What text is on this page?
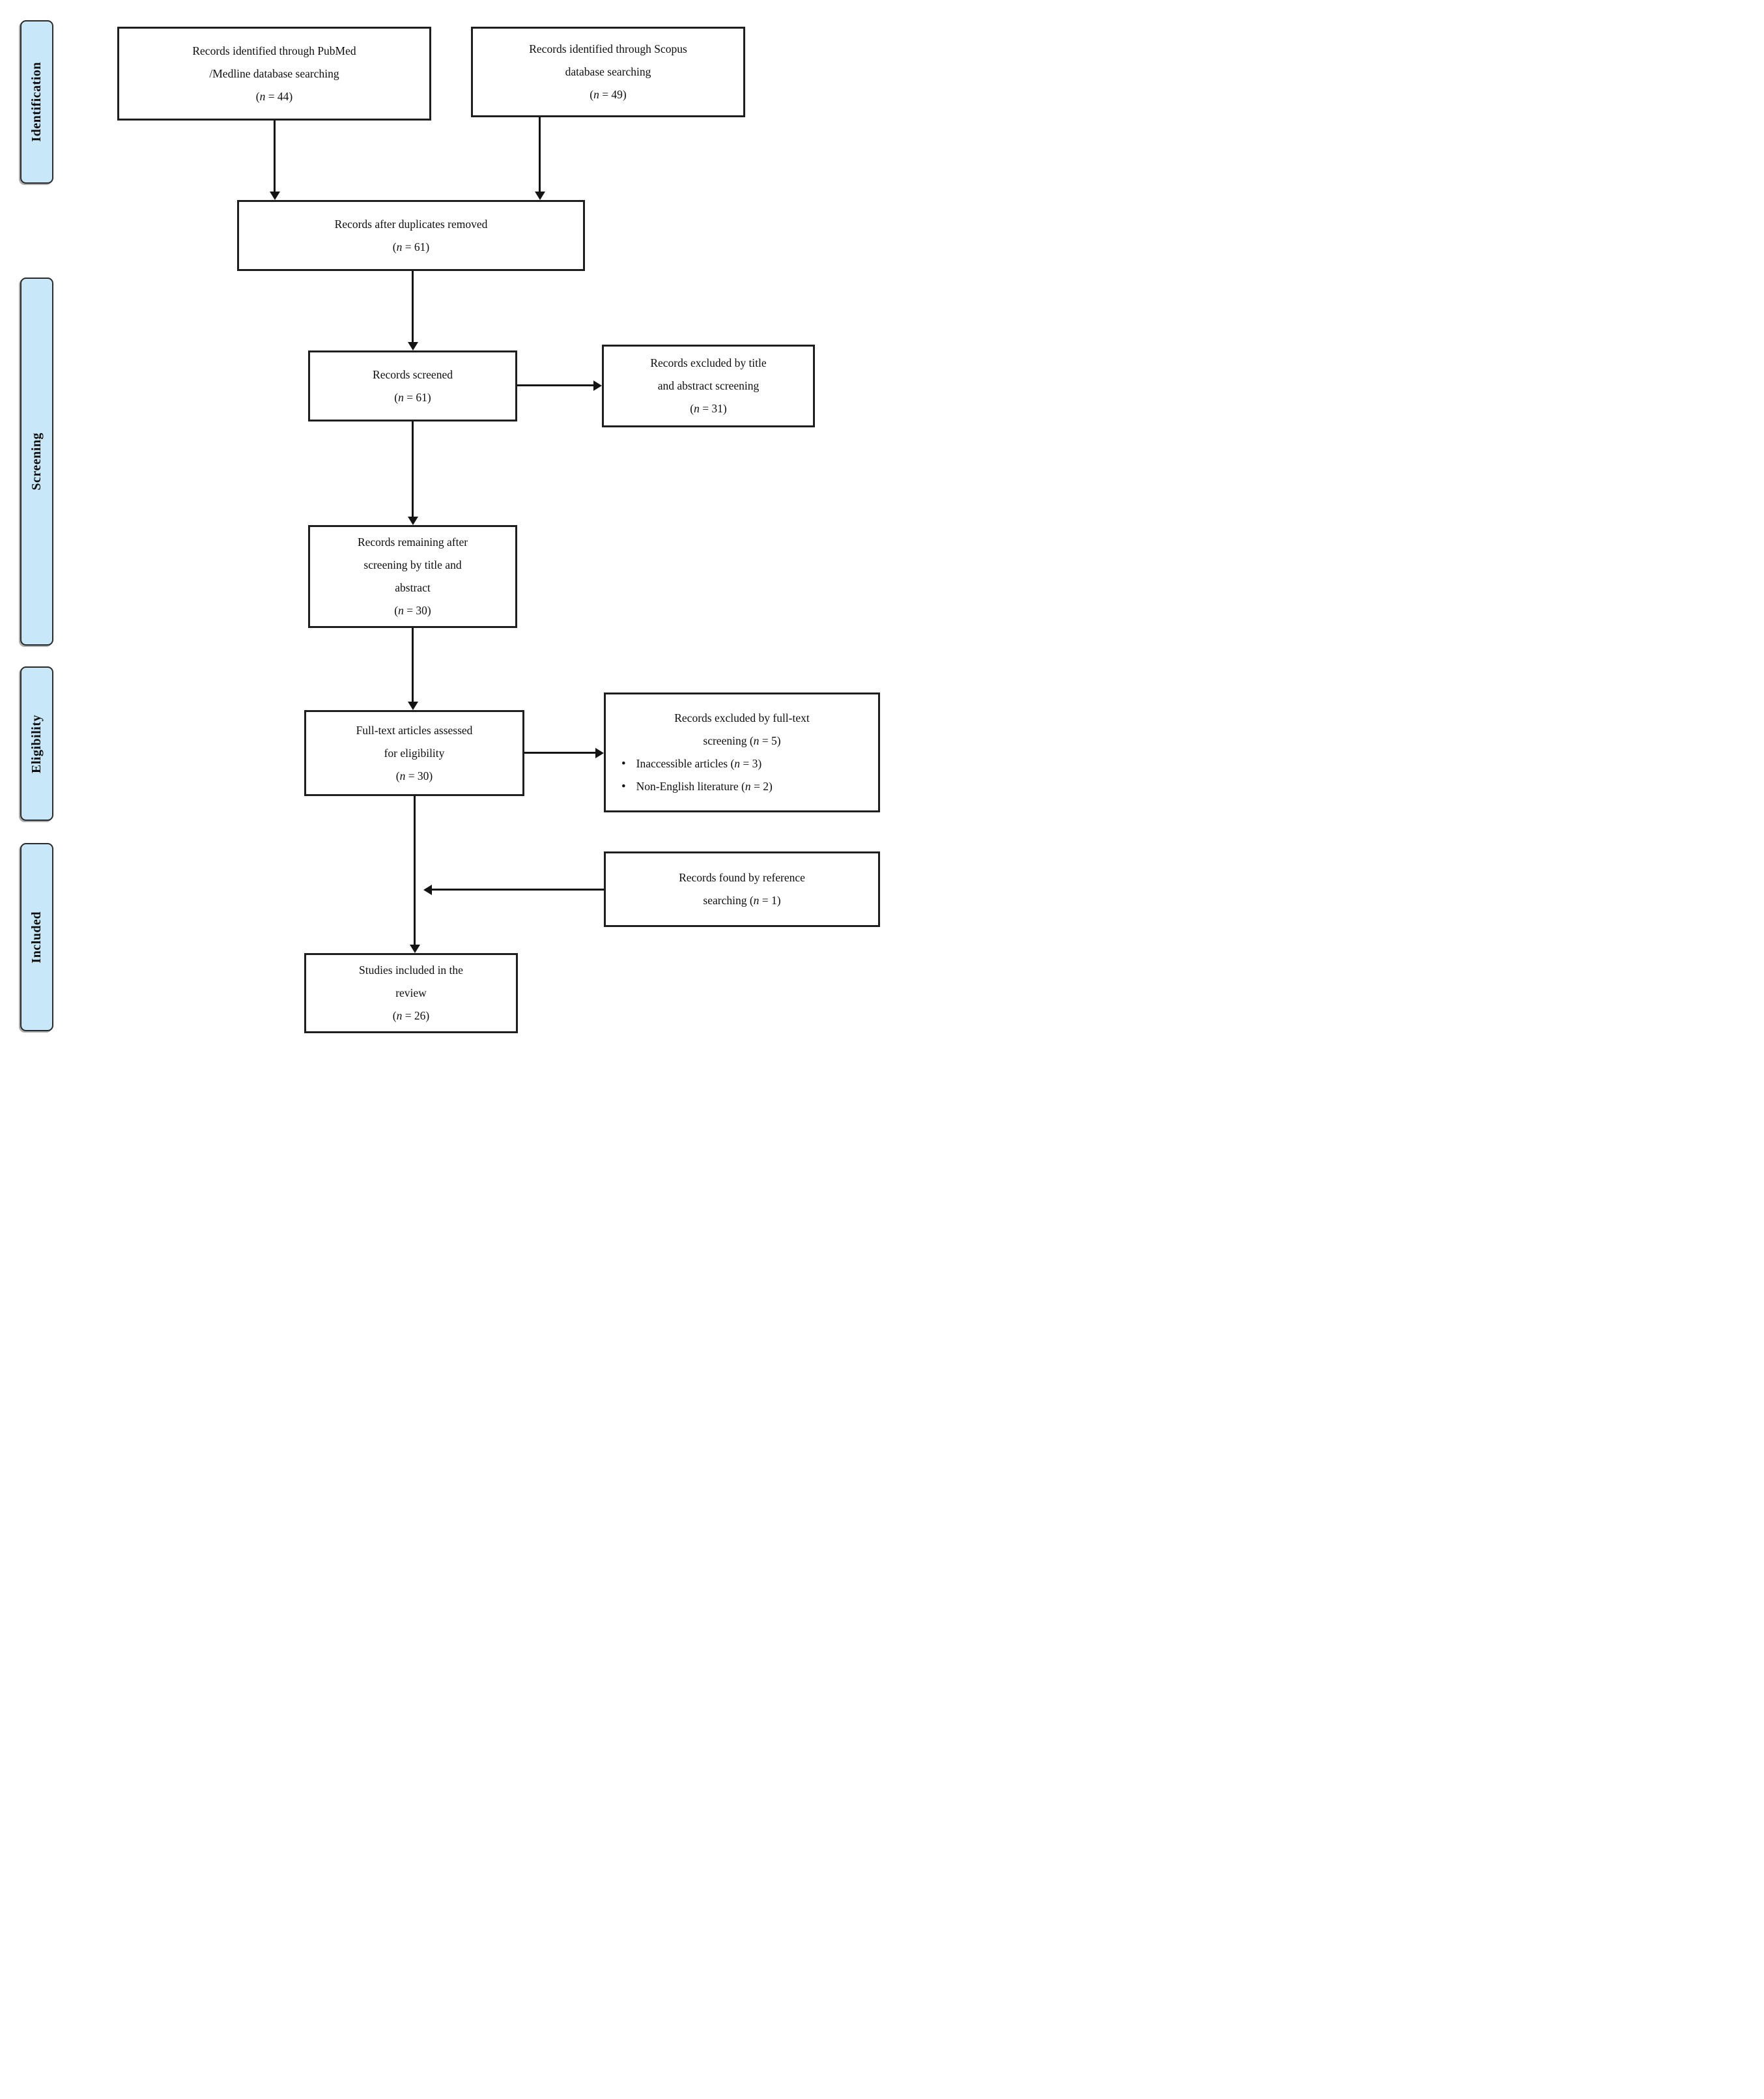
Identification
Screening
Eligibility
Included
Records identified through PubMed
/Medline database searching
(n = 44)
Records identified through Scopus
database searching
(n = 49)
Records after duplicates removed
(n = 61)
Records screened
(n = 61)
Records excluded by title
and abstract screening
(n = 31)
Records remaining after
screening by title and
abstract
(n = 30)
Full-text articles assessed
for eligibility
(n = 30)
Records excluded by full-text
screening (n = 5)
• Inaccessible articles (n = 3)
• Non-English literature (n = 2)
Records found by reference
searching (n = 1)
Studies included in the
review
(n = 26)
